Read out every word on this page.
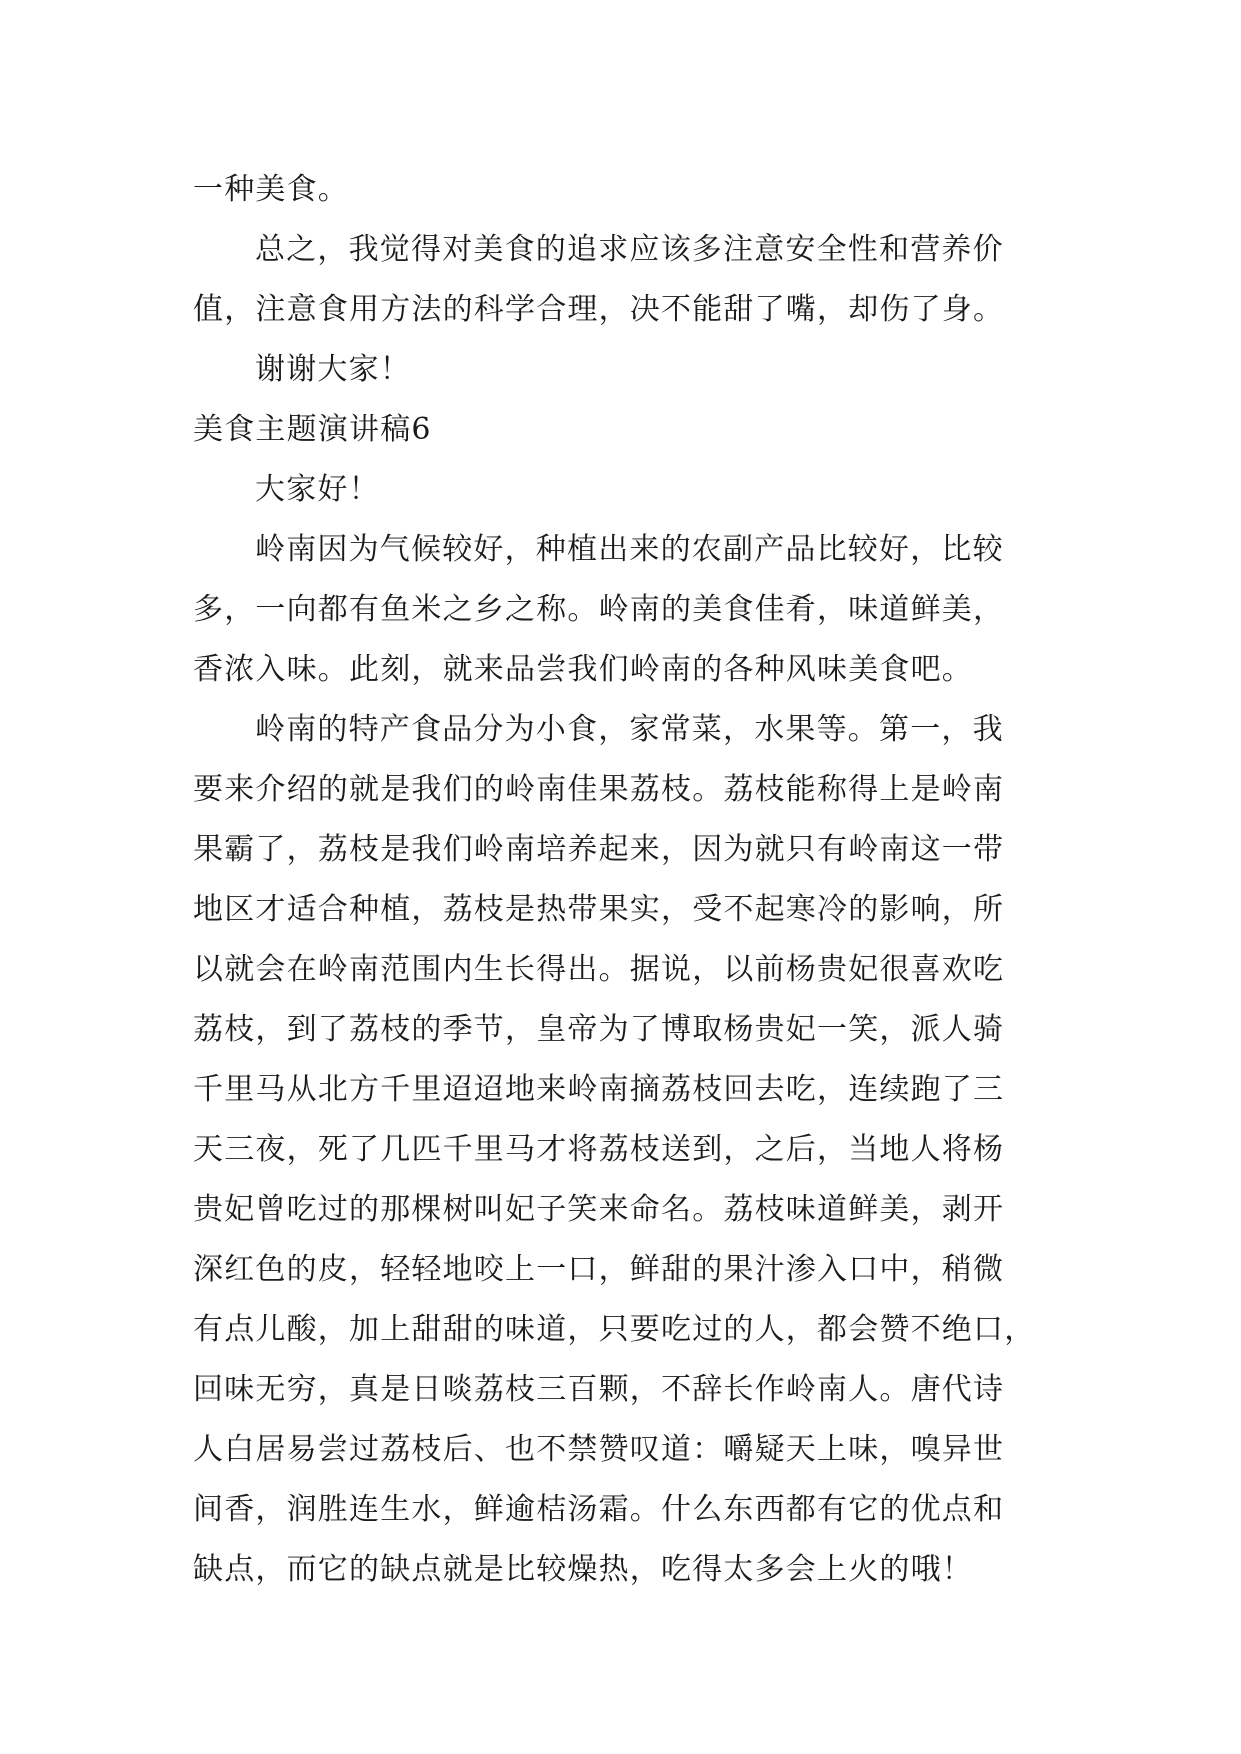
一种美食。
总之，我觉得对美食的追求应该多注意安全性和营养价
值，注意食用方法的科学合理，决不能甜了嘴，却伤了身。
谢谢大家！
美食主题演讲稿6
大家好！
岭南因为气候较好，种植出来的农副产品比较好，比较
多，一向都有鱼米之乡之称。岭南的美食佳肴，味道鲜美，
香浓入味。此刻，就来品尝我们岭南的各种风味美食吧。
岭南的特产食品分为小食，家常菜，水果等。第一，我
要来介绍的就是我们的岭南佳果荔枝。荔枝能称得上是岭南
果霸了，荔枝是我们岭南培养起来，因为就只有岭南这一带
地区才适合种植，荔枝是热带果实，受不起寒冷的影响，所
以就会在岭南范围内生长得出。据说，以前杨贵妃很喜欢吃
荔枝，到了荔枝的季节，皇帝为了博取杨贵妃一笑，派人骑
千里马从北方千里迢迢地来岭南摘荔枝回去吃，连续跑了三
天三夜，死了几匹千里马才将荔枝送到，之后，当地人将杨
贵妃曾吃过的那棵树叫妃子笑来命名。荔枝味道鲜美，剥开
深红色的皮，轻轻地咬上一口，鲜甜的果汁渗入口中，稍微
有点儿酸，加上甜甜的味道，只要吃过的人，都会赞不绝口，
回味无穷，真是日啖荔枝三百颗，不辞长作岭南人。唐代诗
人白居易尝过荔枝后、也不禁赞叹道：嚼疑天上味，嗅异世
间香，润胜连生水，鲜逾桔汤霜。什么东西都有它的优点和
缺点，而它的缺点就是比较燥热，吃得太多会上火的哦！
